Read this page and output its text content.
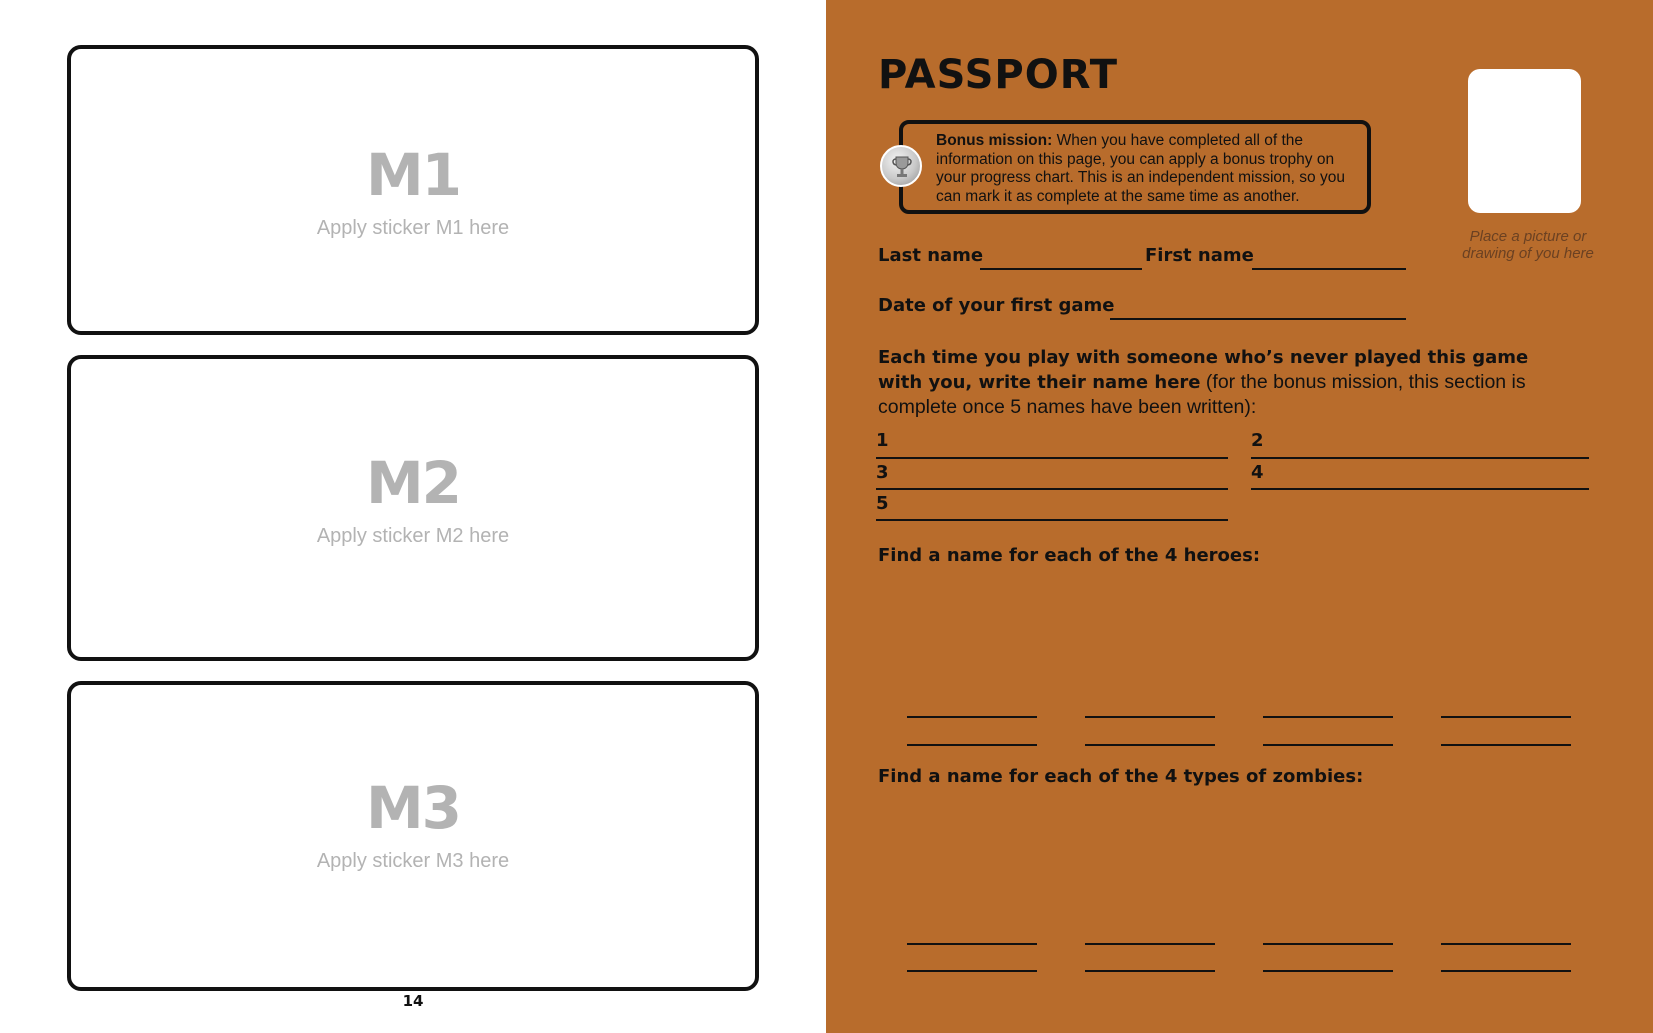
M1
Apply sticker M1 here
M2
Apply sticker M2 here
M3
Apply sticker M3 here
14
PASSPORT
Place a picture or drawing of you here
Bonus mission: When you have completed all of the information on this page, you can apply a bonus trophy on your progress chart. This is an independent mission, so you can mark it as complete at the same time as another.
Last name	First name
Date of your first game
Each time you play with someone who’s never played this game with you, write their name here (for the bonus mission, this section is complete once 5 names have been written):
1	2
3	4
5
Find a name for each of the 4 heroes:
Find a name for each of the 4 types of zombies:
